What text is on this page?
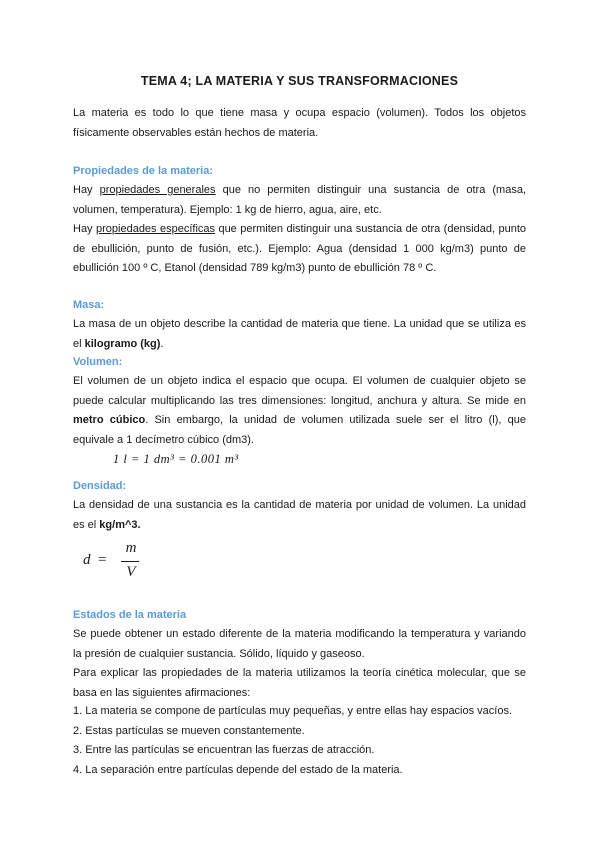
TEMA 4; LA MATERIA Y SUS TRANSFORMACIONES

La materia es todo lo que tiene masa y ocupa espacio (volumen). Todos los objetos físicamente observables están hechos de materia.

Propiedades de la materia:

Hay propiedades generales que no permiten distinguir una sustancia de otra (masa, volumen, temperatura). Ejemplo: 1 kg de hierro, agua, aire, etc.

Hay propiedades específicas que permiten distinguir una sustancia de otra (densidad, punto de ebullición, punto de fusión, etc.). Ejemplo: Agua (densidad 1 000 kg/m3) punto de ebullición 100 º C, Etanol (densidad 789 kg/m3) punto de ebullición 78 º C.

Masa:

La masa de un objeto describe la cantidad de materia que tiene. La unidad que se utiliza es el kilogramo (kg).

Volumen:

El volumen de un objeto indica el espacio que ocupa. El volumen de cualquier objeto se puede calcular multiplicando las tres dimensiones: longitud, anchura y altura. Se mide en metro cúbico. Sin embargo, la unidad de volumen utilizada suele ser el litro (l), que equivale a 1 decímetro cúbico (dm3).

1 l = 1 dm³ = 0.001 m³
Densidad:

La densidad de una sustancia es la cantidad de materia por unidad de volumen. La unidad es el kg/m^3.

d =
m
V
Estados de la materia

Se puede obtener un estado diferente de la materia modificando la temperatura y variando la presión de cualquier sustancia. Sólido, líquido y gaseoso.

Para explicar las propiedades de la materia utilizamos la teoría cinética molecular, que se basa en las siguientes afirmaciones:

1. La materia se compone de partículas muy pequeñas, y entre ellas hay espacios vacíos.
2. Estas partículas se mueven constantemente.
3. Entre las partículas se encuentran las fuerzas de atracción.
4. La separación entre partículas depende del estado de la materia.
